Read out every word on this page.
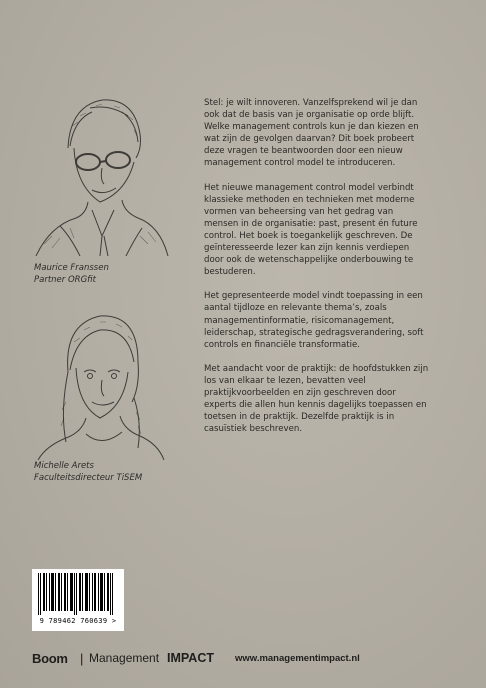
Maurice Franssen
Partner ORGfit
Michelle Arets
Faculteitsdirecteur TiSEM

Stel: je wilt innoveren. Vanzelfsprekend wil je dan ook dat de basis van je organisatie op orde blijft. Welke management controls kun je dan kiezen en wat zijn de gevolgen daarvan? Dit boek probeert deze vragen te beantwoorden door een nieuw management control model te introduceren.

Het nieuwe management control model verbindt klassieke methoden en technieken met moderne vormen van beheersing van het gedrag van mensen in de organisatie: past, present én future control. Het boek is toegankelijk geschreven. De geïnteresseerde lezer kan zijn kennis verdiepen door ook de wetenschappelijke onderbouwing te bestuderen.

Het gepresenteerde model vindt toepassing in een aantal tijdloze en relevante thema’s, zoals managementinformatie, risicomanagement, leiderschap, strategische gedragsverandering, soft controls en financiële transformatie.

Met aandacht voor de praktijk: de hoofdstukken zijn los van elkaar te lezen, bevatten veel praktijkvoorbeelden en zijn geschreven door experts die allen hun kennis dagelijks toepassen en toetsen in de praktijk. Dezelfde praktijk is in casuïstiek beschreven.

9 789462 760639 >
Boom | Management IMPACT www.managementimpact.nl
